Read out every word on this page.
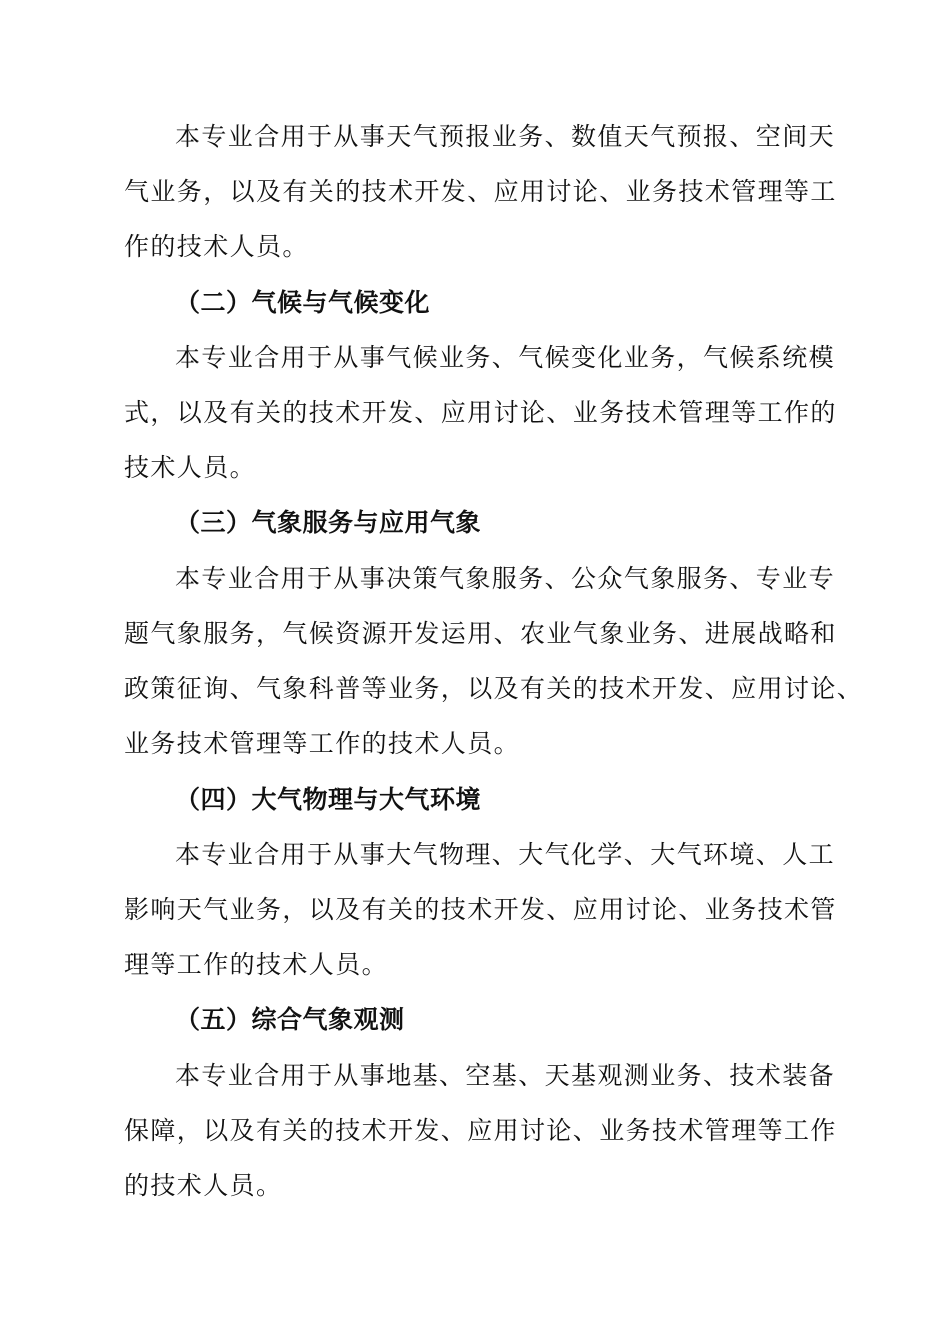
本专业合用于从事天气预报业务、数值天气预报、空间天
气业务，以及有关的技术开发、应用讨论、业务技术管理等工
作的技术人员。
（二）气候与气候变化
本专业合用于从事气候业务、气候变化业务，气候系统模
式，以及有关的技术开发、应用讨论、业务技术管理等工作的
技术人员。
（三）气象服务与应用气象
本专业合用于从事决策气象服务、公众气象服务、专业专
题气象服务，气候资源开发运用、农业气象业务、进展战略和
政策征询、气象科普等业务，以及有关的技术开发、应用讨论、
业务技术管理等工作的技术人员。
（四）大气物理与大气环境
本专业合用于从事大气物理、大气化学、大气环境、人工
影响天气业务，以及有关的技术开发、应用讨论、业务技术管
理等工作的技术人员。
（五）综合气象观测
本专业合用于从事地基、空基、天基观测业务、技术装备
保障，以及有关的技术开发、应用讨论、业务技术管理等工作
的技术人员。
